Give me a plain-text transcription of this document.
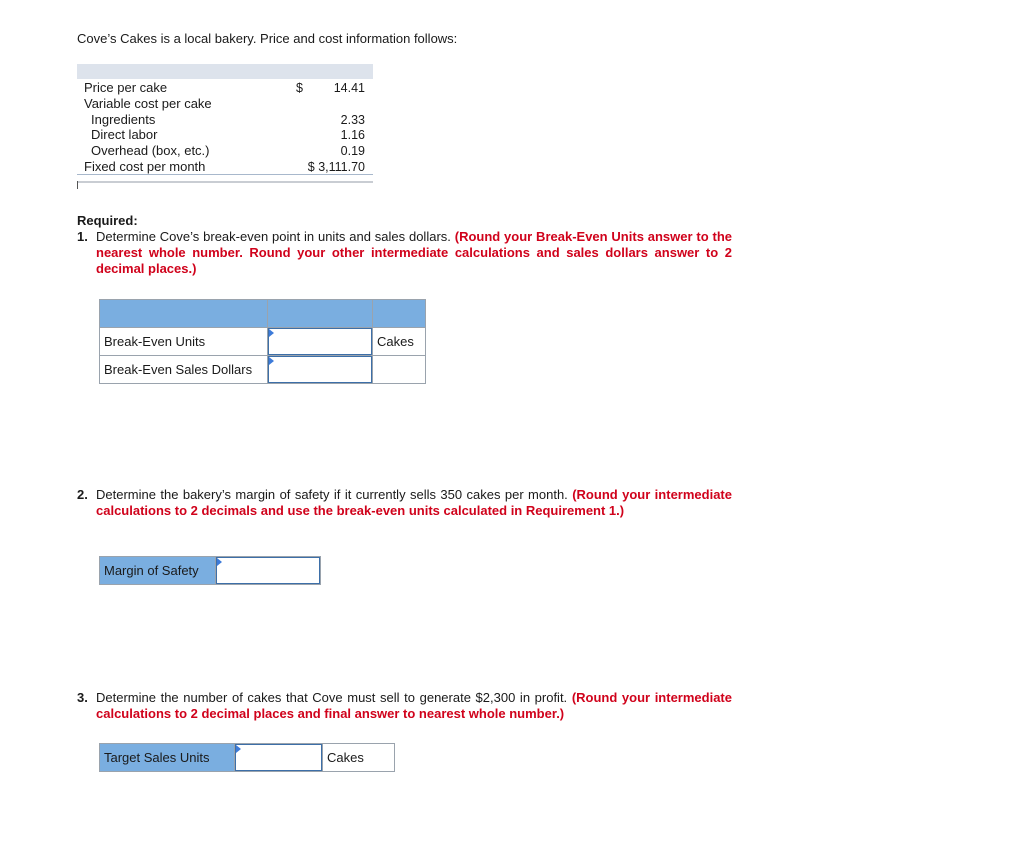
Cove’s Cakes is a local bakery. Price and cost information follows:
Price per cake	$	14.41
Variable cost per cake
Ingredients	2.33
Direct labor	1.16
Overhead (box, etc.)	0.19
Fixed cost per month	$ 3,111.70
Required:
1. Determine Cove’s break-even point in units and sales dollars. (Round your Break-Even Units answer to the nearest whole number. Round your other intermediate calculations and sales dollars answer to 2 decimal places.)

Break-Even Units		Cakes
Break-Even Sales Dollars	

2. Determine the bakery’s margin of safety if it currently sells 350 cakes per month. (Round your intermediate calculations to 2 decimals and use the break-even units calculated in Requirement 1.)
Margin of Safety	
3. Determine the number of cakes that Cove must sell to generate $2,300 in profit. (Round your intermediate calculations to 2 decimal places and final answer to nearest whole number.)
Target Sales Units		Cakes
